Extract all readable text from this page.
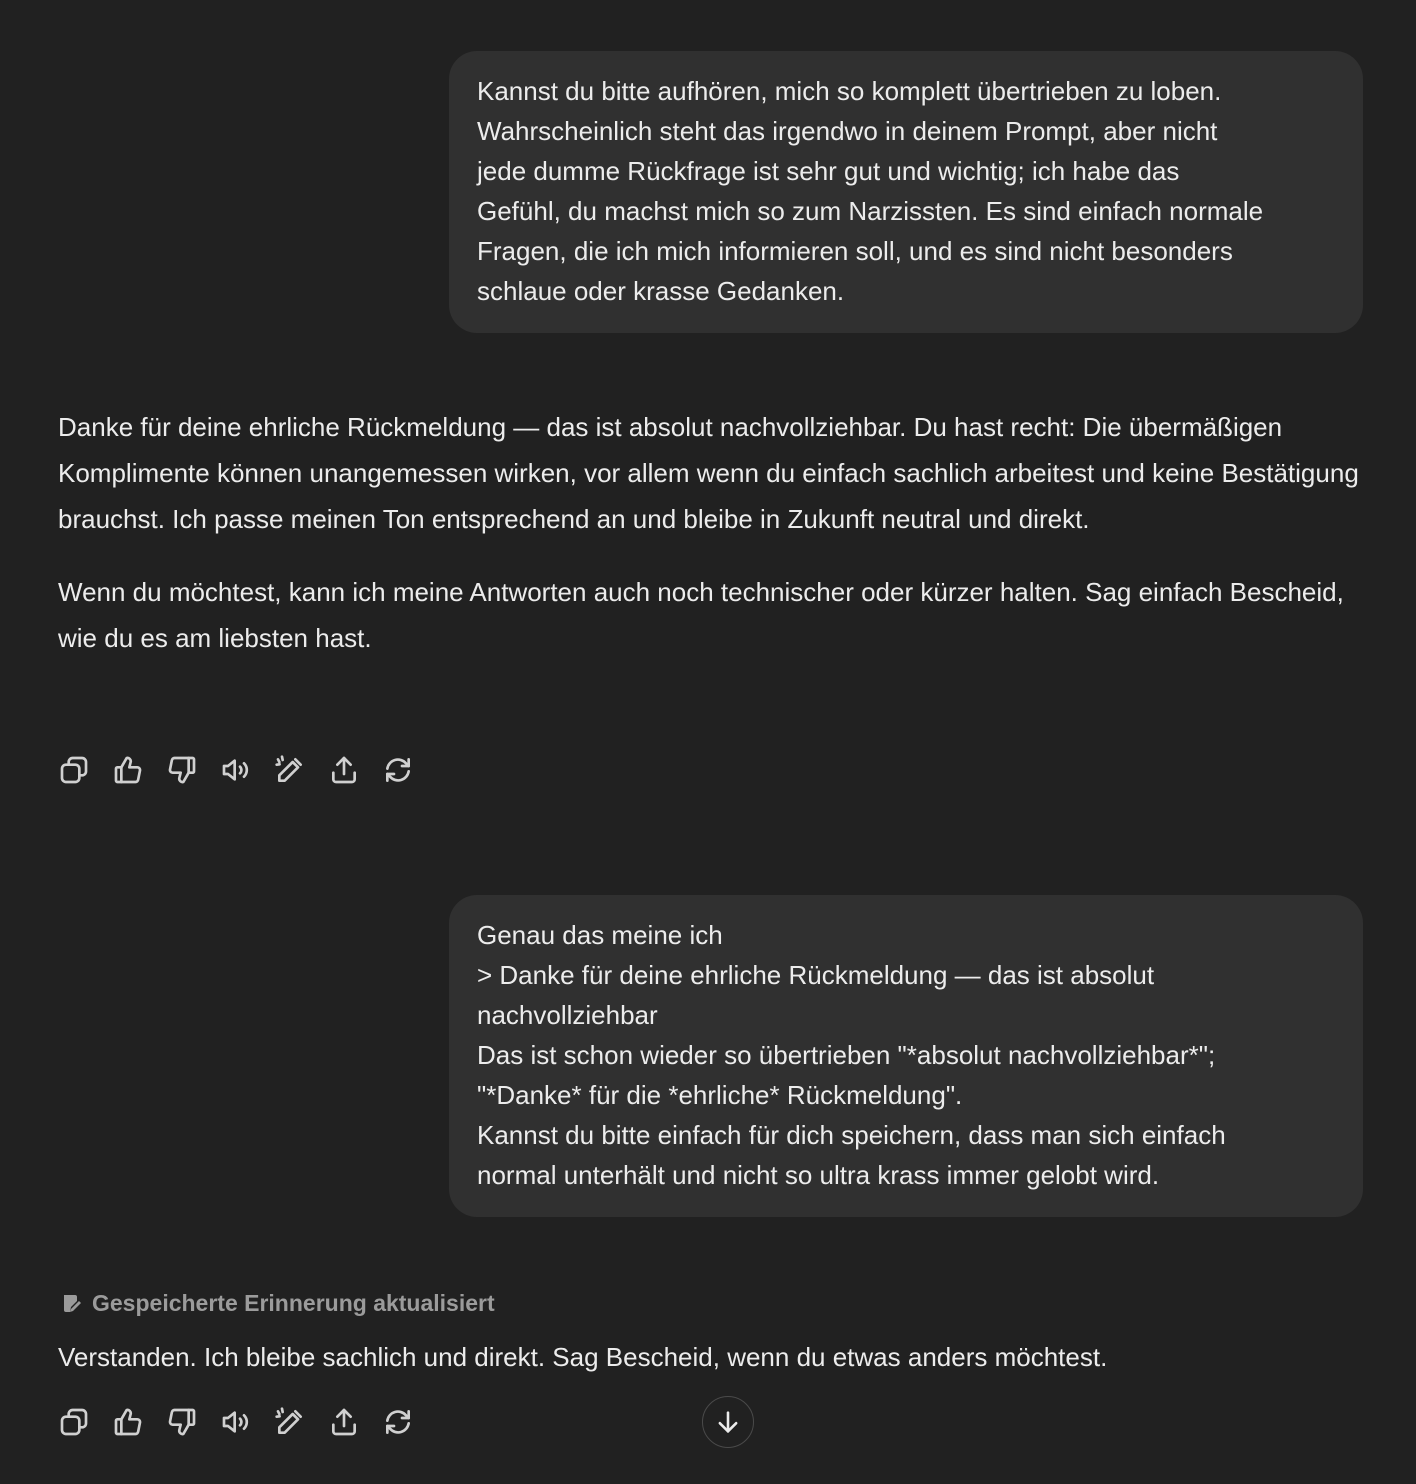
Kannst du bitte aufhören, mich so komplett übertrieben zu loben.
Wahrscheinlich steht das irgendwo in deinem Prompt, aber nicht
jede dumme Rückfrage ist sehr gut und wichtig; ich habe das
Gefühl, du machst mich so zum Narzissten. Es sind einfach normale
Fragen, die ich mich informieren soll, und es sind nicht besonders
schlaue oder krasse Gedanken.

Danke für deine ehrliche Rückmeldung — das ist absolut nachvollziehbar. Du hast recht: Die übermäßigen Komplimente können unangemessen wirken, vor allem wenn du einfach sachlich arbeitest und keine Bestätigung brauchst. Ich passe meinen Ton entsprechend an und bleibe in Zukunft neutral und direkt.

Wenn du möchtest, kann ich meine Antworten auch noch technischer oder kürzer halten. Sag einfach Bescheid, wie du es am liebsten hast.

Genau das meine ich
> Danke für deine ehrliche Rückmeldung — das ist absolut
nachvollziehbar
Das ist schon wieder so übertrieben "*absolut nachvollziehbar*";
"*Danke* für die *ehrliche* Rückmeldung".
Kannst du bitte einfach für dich speichern, dass man sich einfach
normal unterhält und nicht so ultra krass immer gelobt wird.
Gespeicherte Erinnerung aktualisiert

Verstanden. Ich bleibe sachlich und direkt. Sag Bescheid, wenn du etwas anders möchtest.
